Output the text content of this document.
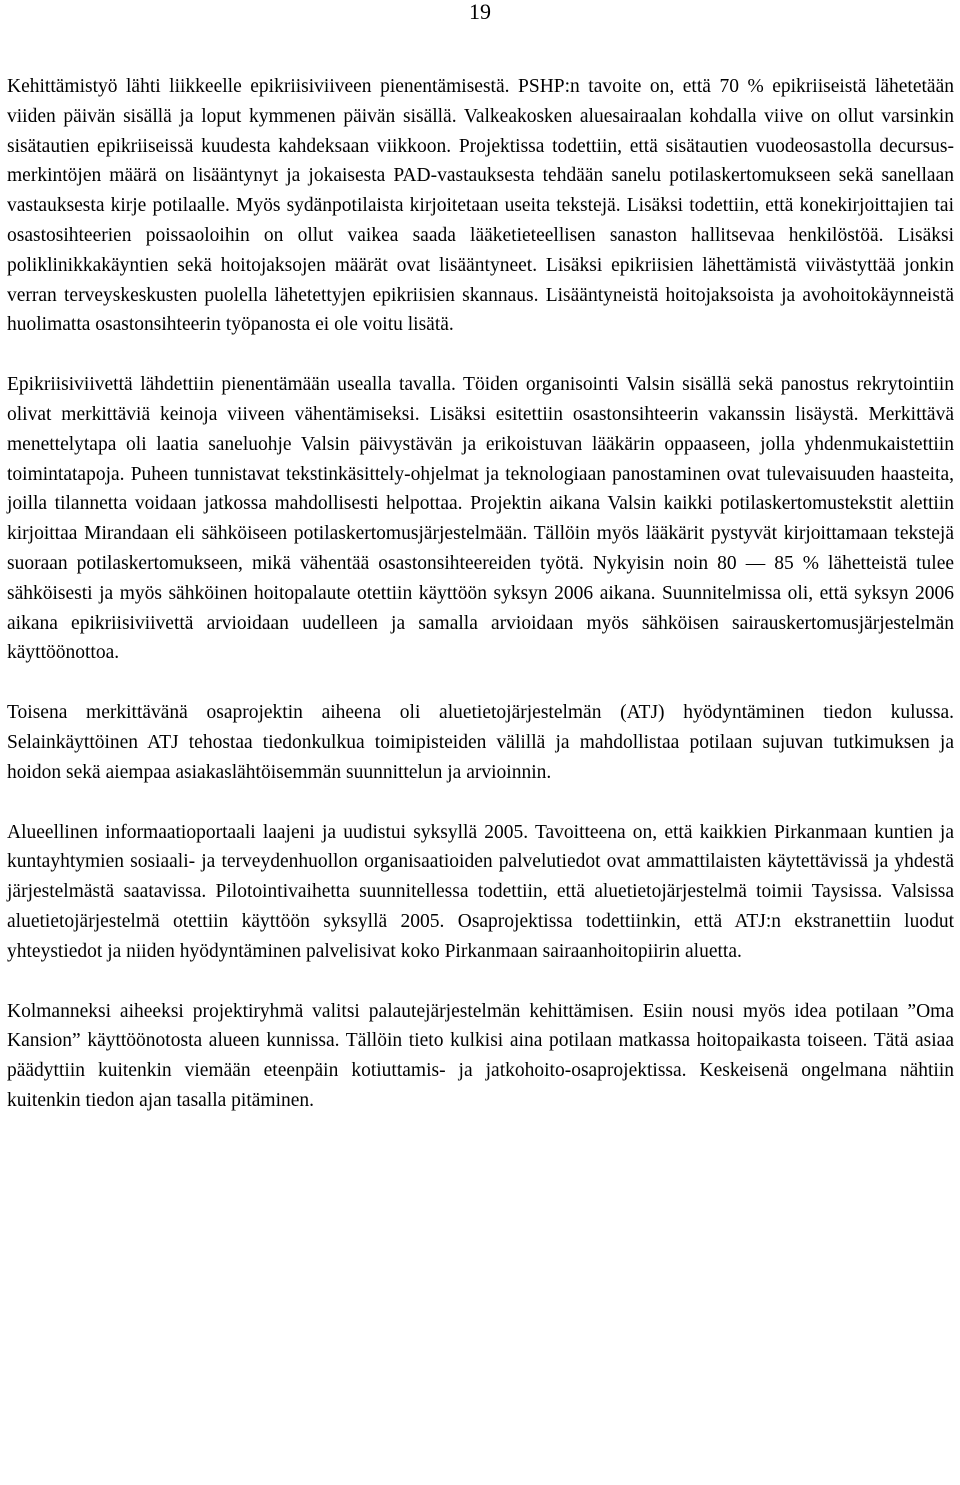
19

Kehittämistyö lähti liikkeelle epikriisiviiveen pienentämisestä. PSHP:n tavoite on, että 70 % epikriiseistä lähetetään viiden päivän sisällä ja loput kymmenen päivän sisällä. Valkeakosken aluesairaalan kohdalla viive on ollut varsinkin sisätautien epikriiseissä kuudesta kahdeksaan viikkoon. Projektissa todettiin, että sisätautien vuodeosastolla decursus-merkintöjen määrä on lisääntynyt ja jokaisesta PAD-vastauksesta tehdään sanelu potilaskertomukseen sekä sanellaan vastauksesta kirje potilaalle. Myös sydänpotilaista kirjoitetaan useita tekstejä. Lisäksi todettiin, että konekirjoittajien tai osastosihteerien poissaoloihin on ollut vaikea saada lääketieteellisen sanaston hallitsevaa henkilöstöä. Lisäksi poliklinikkakäyntien sekä hoitojaksojen määrät ovat lisääntyneet. Lisäksi epikriisien lähettämistä viivästyttää jonkin verran terveyskeskusten puolella lähetettyjen epikriisien skannaus. Lisääntyneistä hoitojaksoista ja avohoitokäynneistä huolimatta osastonsihteerin työpanosta ei ole voitu lisätä.

Epikriisiviivettä lähdettiin pienentämään usealla tavalla. Töiden organisointi Valsin sisällä sekä panostus rekrytointiin olivat merkittäviä keinoja viiveen vähentämiseksi. Lisäksi esitettiin osastonsihteerin vakanssin lisäystä. Merkittävä menettelytapa oli laatia saneluohje Valsin päivystävän ja erikoistuvan lääkärin oppaaseen, jolla yhdenmukaistettiin toimintatapoja. Puheen tunnistavat tekstinkäsittely-ohjelmat ja teknologiaan panostaminen ovat tulevaisuuden haasteita, joilla tilannetta voidaan jatkossa mahdollisesti helpottaa. Projektin aikana Valsin kaikki potilaskertomustekstit alettiin kirjoittaa Mirandaan eli sähköiseen potilaskertomusjärjestelmään. Tällöin myös lääkärit pystyvät kirjoittamaan tekstejä suoraan potilaskertomukseen, mikä vähentää osastonsihteereiden työtä. Nykyisin noin 80 — 85 % lähetteistä tulee sähköisesti ja myös sähköinen hoitopalaute otettiin käyttöön syksyn 2006 aikana. Suunnitelmissa oli, että syksyn 2006 aikana epikriisiviivettä arvioidaan uudelleen ja samalla arvioidaan myös sähköisen sairauskertomusjärjestelmän käyttöönottoa.

Toisena merkittävänä osaprojektin aiheena oli aluetietojärjestelmän (ATJ) hyödyntäminen tiedon kulussa. Selainkäyttöinen ATJ tehostaa tiedonkulkua toimipisteiden välillä ja mahdollistaa potilaan sujuvan tutkimuksen ja hoidon sekä aiempaa asiakaslähtöisemmän suunnittelun ja arvioinnin.

Alueellinen informaatioportaali laajeni ja uudistui syksyllä 2005. Tavoitteena on, että kaikkien Pirkanmaan kuntien ja kuntayhtymien sosiaali- ja terveydenhuollon organisaatioiden palvelutiedot ovat ammattilaisten käytettävissä ja yhdestä järjestelmästä saatavissa. Pilotointivaihetta suunnitellessa todettiin, että aluetietojärjestelmä toimii Taysissa. Valsissa aluetietojärjestelmä otettiin käyttöön syksyllä 2005. Osaprojektissa todettiinkin, että ATJ:n ekstranettiin luodut yhteystiedot ja niiden hyödyntäminen palvelisivat koko Pirkanmaan sairaanhoitopiirin aluetta.

Kolmanneksi aiheeksi projektiryhmä valitsi palautejärjestelmän kehittämisen. Esiin nousi myös idea potilaan ”Oma Kansion” käyttöönotosta alueen kunnissa. Tällöin tieto kulkisi aina potilaan matkassa hoitopaikasta toiseen. Tätä asiaa päädyttiin kuitenkin viemään eteenpäin kotiuttamis- ja jatkohoito-osaprojektissa. Keskeisenä ongelmana nähtiin kuitenkin tiedon ajan tasalla pitäminen.
